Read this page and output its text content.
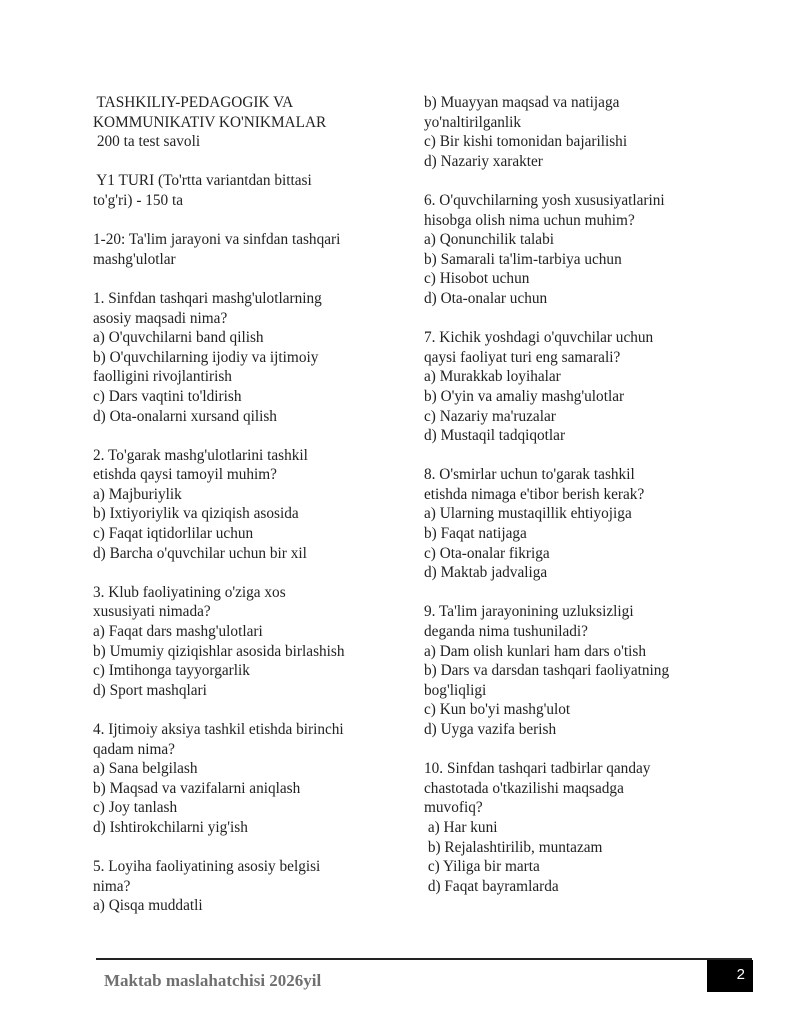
TASHKILIY-PEDAGOGIK VA
KOMMUNIKATIV KO'NIKMALAR
200 ta test savoli
Y1 TURI (To'rtta variantdan bittasi
to'g'ri) - 150 ta
1-20: Ta'lim jarayoni va sinfdan tashqari
mashg'ulotlar
1. Sinfdan tashqari mashg'ulotlarning
asosiy maqsadi nima?
a) O'quvchilarni band qilish
b) O'quvchilarning ijodiy va ijtimoiy
faolligini rivojlantirish
c) Dars vaqtini to'ldirish
d) Ota-onalarni xursand qilish
2. To'garak mashg'ulotlarini tashkil
etishda qaysi tamoyil muhim?
a) Majburiylik
b) Ixtiyoriylik va qiziqish asosida
c) Faqat iqtidorlilar uchun
d) Barcha o'quvchilar uchun bir xil
3. Klub faoliyatining o'ziga xos
xususiyati nimada?
a) Faqat dars mashg'ulotlari
b) Umumiy qiziqishlar asosida birlashish
c) Imtihonga tayyorgarlik
d) Sport mashqlari
4. Ijtimoiy aksiya tashkil etishda birinchi
qadam nima?
a) Sana belgilash
b) Maqsad va vazifalarni aniqlash
c) Joy tanlash
d) Ishtirokchilarni yig'ish
5. Loyiha faoliyatining asosiy belgisi
nima?
a) Qisqa muddatli
b) Muayyan maqsad va natijaga
yo'naltirilganlik
c) Bir kishi tomonidan bajarilishi
d) Nazariy xarakter
6. O'quvchilarning yosh xususiyatlarini
hisobga olish nima uchun muhim?
a) Qonunchilik talabi
b) Samarali ta'lim-tarbiya uchun
c) Hisobot uchun
d) Ota-onalar uchun
7. Kichik yoshdagi o'quvchilar uchun
qaysi faoliyat turi eng samarali?
a) Murakkab loyihalar
b) O'yin va amaliy mashg'ulotlar
c) Nazariy ma'ruzalar
d) Mustaqil tadqiqotlar
8. O'smirlar uchun to'garak tashkil
etishda nimaga e'tibor berish kerak?
a) Ularning mustaqillik ehtiyojiga
b) Faqat natijaga
c) Ota-onalar fikriga
d) Maktab jadvaliga
9. Ta'lim jarayonining uzluksizligi
deganda nima tushuniladi?
a) Dam olish kunlari ham dars o'tish
b) Dars va darsdan tashqari faoliyatning
bog'liqligi
c) Kun bo'yi mashg'ulot
d) Uyga vazifa berish
10. Sinfdan tashqari tadbirlar qanday
chastotada o'tkazilishi maqsadga
muvofiq?
a) Har kuni
b) Rejalashtirilib, muntazam
c) Yiliga bir marta
d) Faqat bayramlarda
Maktab maslahatchisi 2026yil	2
